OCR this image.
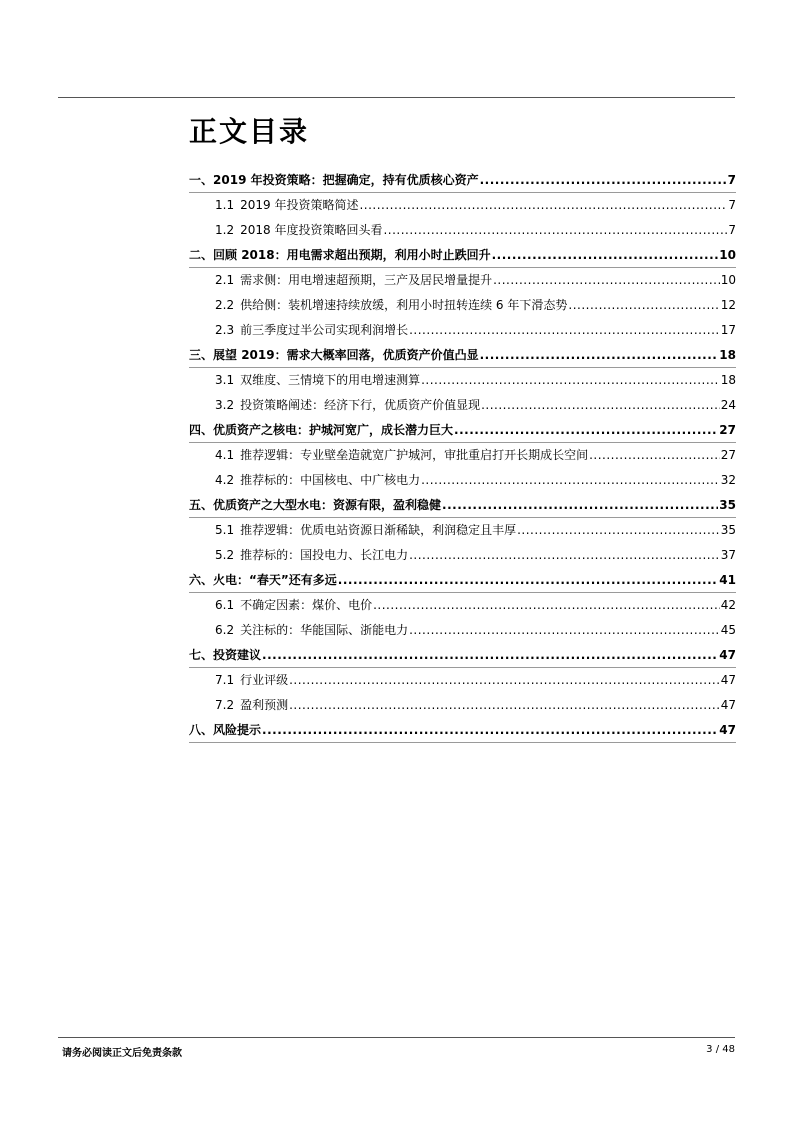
正文目录
一、 2019 年投资策略：把握确定，持有优质核心资产 .....	7
1.1 2019 年投资策略简述 .....	7
1.2 2018 年度投资策略回头看 .....	7
二、 回顾 2018：用电需求超出预期，利用小时止跌回升 .....	10
2.1 需求侧：用电增速超预期，三产及居民增量提升 .....	10
2.2 供给侧：装机增速持续放缓，利用小时扭转连续 6 年下滑态势 .....	12
2.3 前三季度过半公司实现利润增长 .....	17
三、 展望 2019：需求大概率回落，优质资产价值凸显 .....	18
3.1 双维度、三情境下的用电增速测算 .....	18
3.2 投资策略阐述：经济下行，优质资产价值显现 .....	24
四、 优质资产之核电：护城河宽广，成长潜力巨大 .....	27
4.1 推荐逻辑：专业壁垒造就宽广护城河，审批重启打开长期成长空间 .....	27
4.2 推荐标的：中国核电、中广核电力 .....	32
五、 优质资产之大型水电：资源有限，盈利稳健 .....	35
5.1 推荐逻辑：优质电站资源日渐稀缺，利润稳定且丰厚 .....	35
5.2 推荐标的：国投电力、长江电力 .....	37
六、 火电：“春天”还有多远 .....	41
6.1 不确定因素：煤价、电价 .....	42
6.2 关注标的：华能国际、浙能电力 .....	45
七、 投资建议 .....	47
7.1 行业评级 .....	47
7.2 盈利预测 .....	47
八、 风险提示 .....	47
请务必阅读正文后免责条款	3 / 48
